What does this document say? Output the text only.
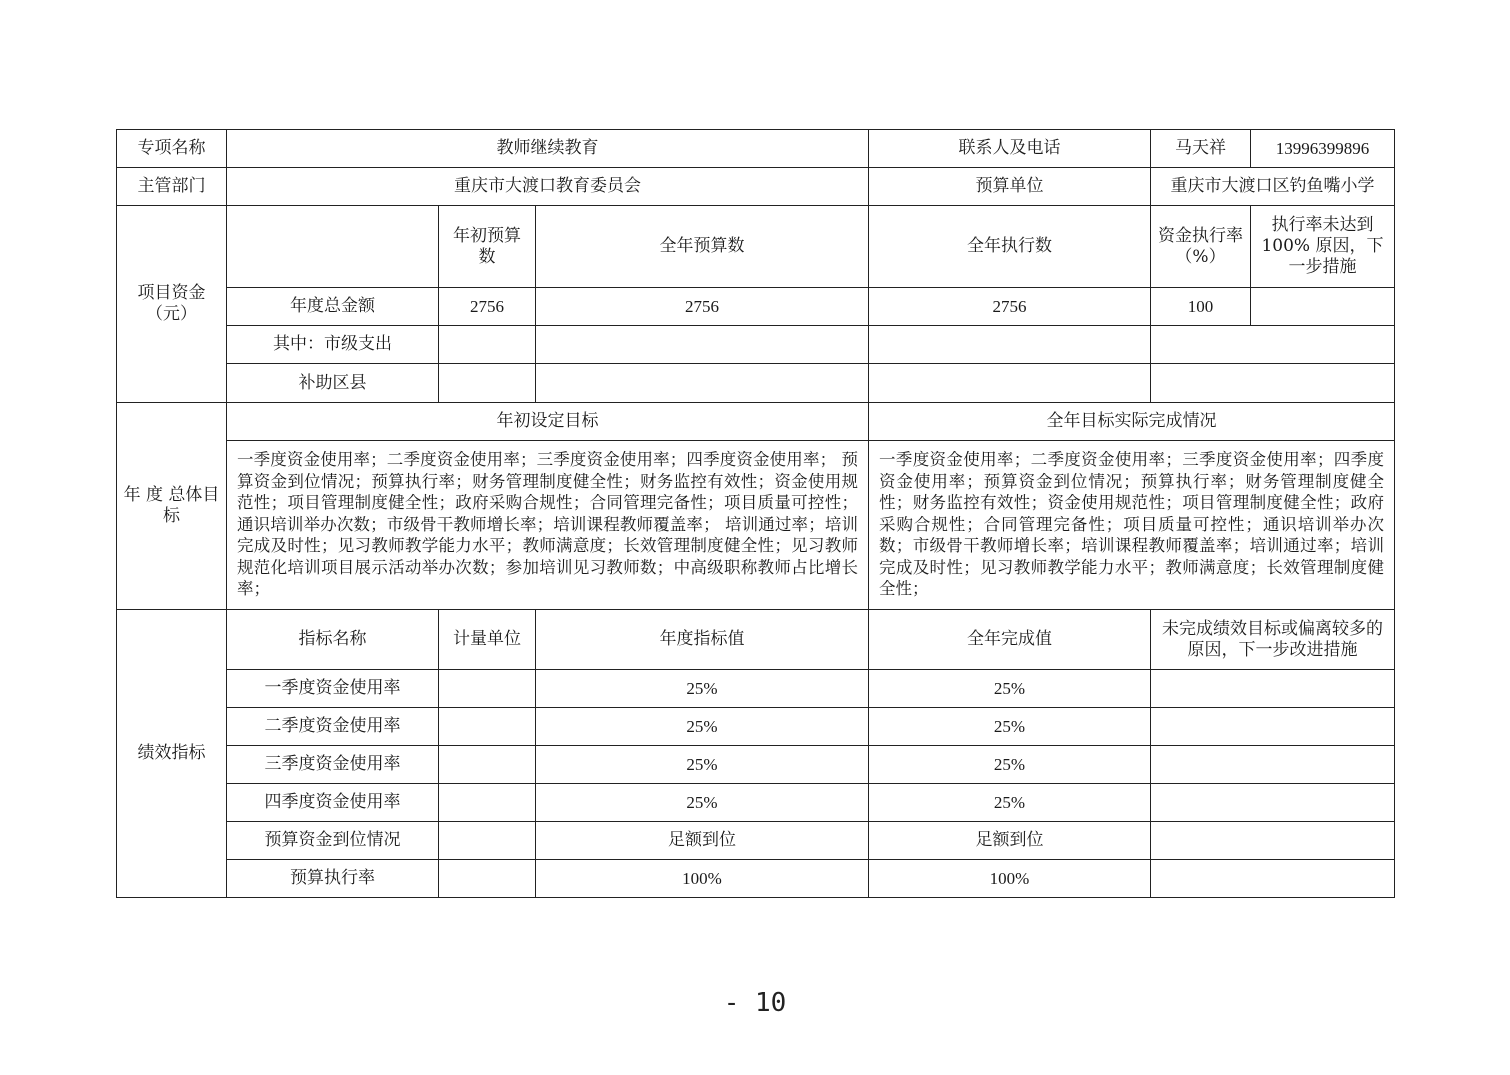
专项名称	教师继续教育			联系人及电话	马天祥	13996399896
主管部门	重庆市大渡口教育委员会			预算单位	重庆市大渡口区钓鱼嘴小学	
项目资金（元）		年初预算数	全年预算数	全年执行数	资金执行率（%）	执行率未达到100% 原因，下一步措施
	年度总金额	2756	2756	2756	100	
	其中：市级支出					
	补助区县					
年 度 总体目标	年初设定目标			全年目标实际完成情况		
	一季度资金使用率；二季度资金使用率；三季度资金使用率；四季度资金使用率； 预算资金到位情况；预算执行率；财务管理制度健全性；财务监控有效性；资金使用规范性；项目管理制度健全性；政府采购合规性；合同管理完备性；项目质量可控性；通识培训举办次数；市级骨干教师增长率；培训课程教师覆盖率； 培训通过率；培训完成及时性；见习教师教学能力水平；教师满意度；长效管理制度健全性；见习教师规范化培训项目展示活动举办次数；参加培训见习教师数；中高级职称教师占比增长率；			一季度资金使用率；二季度资金使用率；三季度资金使用率；四季度资金使用率；预算资金到位情况；预算执行率；财务管理制度健全性；财务监控有效性；资金使用规范性；项目管理制度健全性；政府采购合规性；合同管理完备性；项目质量可控性；通识培训举办次数；市级骨干教师增长率；培训课程教师覆盖率；培训通过率；培训完成及时性；见习教师教学能力水平；教师满意度；长效管理制度健全性；		
绩效指标	指标名称	计量单位	年度指标值	全年完成值	未完成绩效目标或偏离较多的原因，下一步改进措施	
	一季度资金使用率		25%	25%		
	二季度资金使用率		25%	25%		
	三季度资金使用率		25%	25%		
	四季度资金使用率		25%	25%		
	预算资金到位情况		足额到位	足额到位		
	预算执行率		100%	100%		
- 10
